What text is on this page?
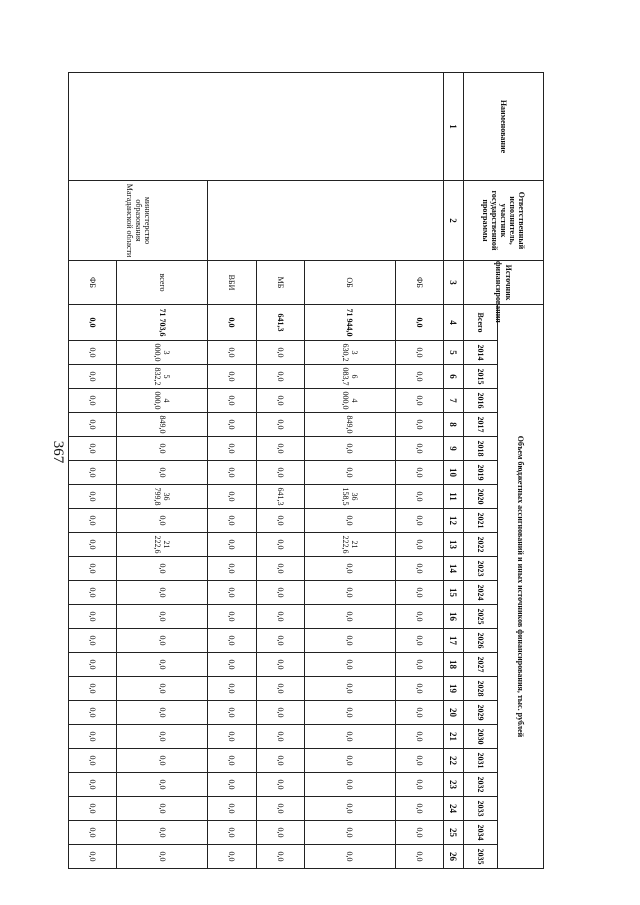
367
Наименование	Ответственный исполнитель, участник государственной программы	Источник финансирования	Объем бюджетных ассигнований и иных источников финансирования, тыс. рублей																						
			Всего	2014	2015	2016	2017	2018	2019	2020	2021	2022	2023	2024	2025	2026	2027	2028	2029	2030	2031	2032	2033	2034	2035
1	2	3	4	5	6	7	8	9	10	11	12	13	14	15	16	17	18	19	20	21	22	23	24	25	26
		ФБ	0,0	0,0	0,0	0,0	0,0	0,0	0,0	0,0	0,0	0,0	0,0	0,0	0,0	0,0	0,0	0,0	0,0	0,0	0,0	0,0	0,0	0,0	0,0
		ОБ	71 944,0	3 630,2	6 083,7	4 000,0	849,0	0,0	0,0	36 158,5	0,0	21 222,6	0,0	0,0	0,0	0,0	0,0	0,0	0,0	0,0	0,0	0,0	0,0	0,0	0,0
		МБ	641,3	0,0	0,0	0,0	0,0	0,0	0,0	641,3	0,0	0,0	0,0	0,0	0,0	0,0	0,0	0,0	0,0	0,0	0,0	0,0	0,0	0,0	0,0
		ВБИ	0,0	0,0	0,0	0,0	0,0	0,0	0,0	0,0	0,0	0,0	0,0	0,0	0,0	0,0	0,0	0,0	0,0	0,0	0,0	0,0	0,0	0,0	0,0
	министерство образования Магаданской области	всего	71 703,6	3 000,0	5 832,2	4 000,0	849,0	0,0	0,0	36 799,8	0,0	21 222,6	0,0	0,0	0,0	0,0	0,0	0,0	0,0	0,0	0,0	0,0	0,0	0,0	0,0
		ФБ	0,0	0,0	0,0	0,0	0,0	0,0	0,0	0,0	0,0	0,0	0,0	0,0	0,0	0,0	0,0	0,0	0,0	0,0	0,0	0,0	0,0	0,0	0,0
